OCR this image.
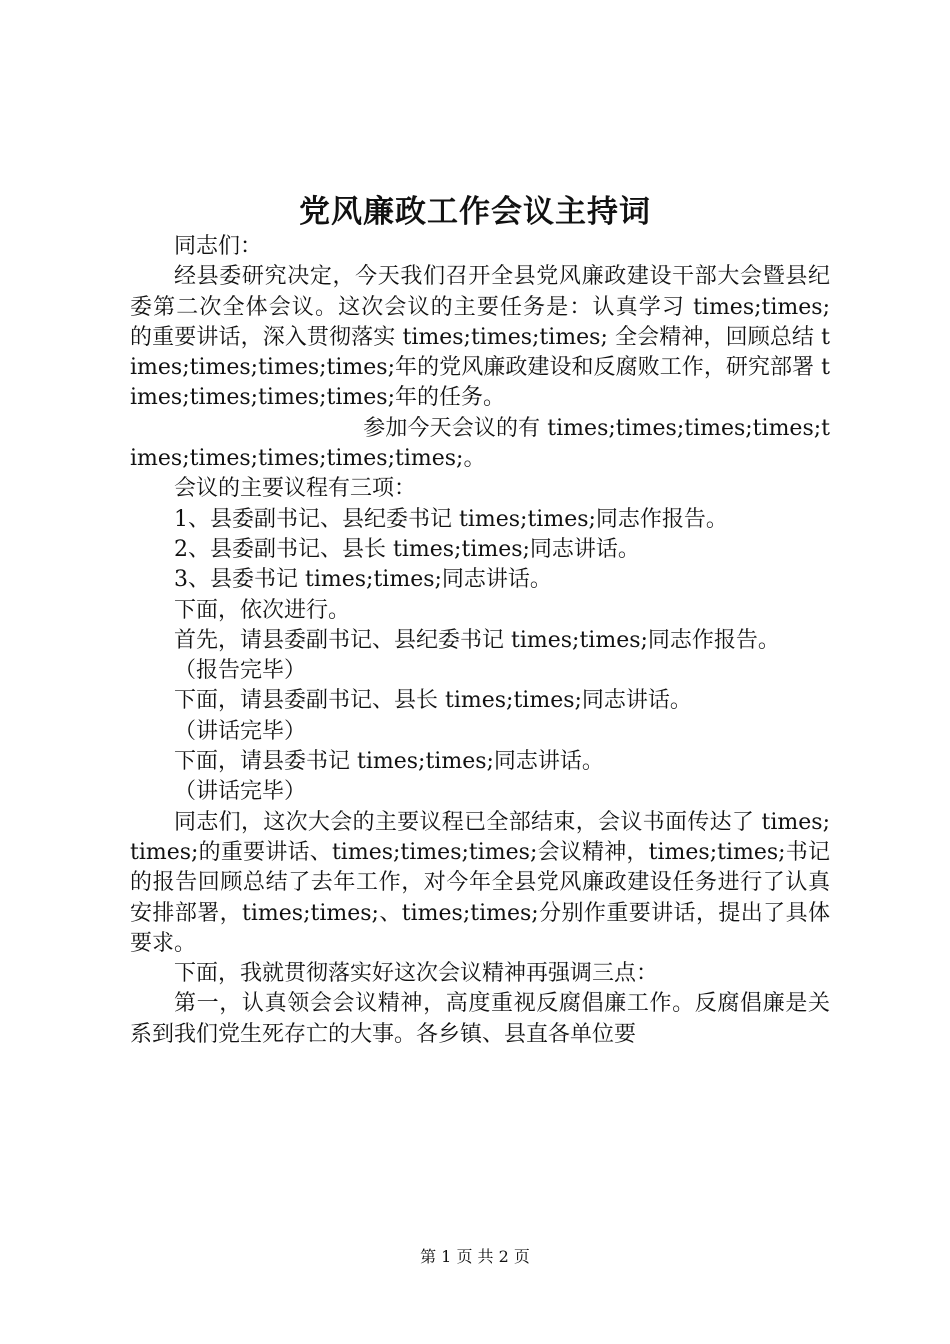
党风廉政工作会议主持词

同志们：

经县委研究决定，今天我们召开全县党风廉政建设干部大会暨县纪委第二次全体会议。这次会议的主要任务是：认真学习 times;times; 的重要讲话，深入贯彻落实 times;times;times; 全会精神，回顾总结 times;times;times;times;年的党风廉政建设和反腐败工作，研究部署 times;times;times;times;年的任务。

参加今天会议的有 times;times;times;times;times;times;times;times;times;。

会议的主要议程有三项：

1、县委副书记、县纪委书记 times;times;同志作报告。

2、县委副书记、县长 times;times;同志讲话。

3、县委书记 times;times;同志讲话。

下面，依次进行。

首先，请县委副书记、县纪委书记 times;times;同志作报告。

（报告完毕）

下面，请县委副书记、县长 times;times;同志讲话。

（讲话完毕）

下面，请县委书记 times;times;同志讲话。

（讲话完毕）

同志们，这次大会的主要议程已全部结束，会议书面传达了 times;times;的重要讲话、times;times;times;会议精神，times;times;书记的报告回顾总结了去年工作，对今年全县党风廉政建设任务进行了认真安排部署，times;times;、times;times;分别作重要讲话，提出了具体要求。

下面，我就贯彻落实好这次会议精神再强调三点：

第一，认真领会会议精神，高度重视反腐倡廉工作。反腐倡廉是关系到我们党生死存亡的大事。各乡镇、县直各单位要

第 1 页 共 2 页
